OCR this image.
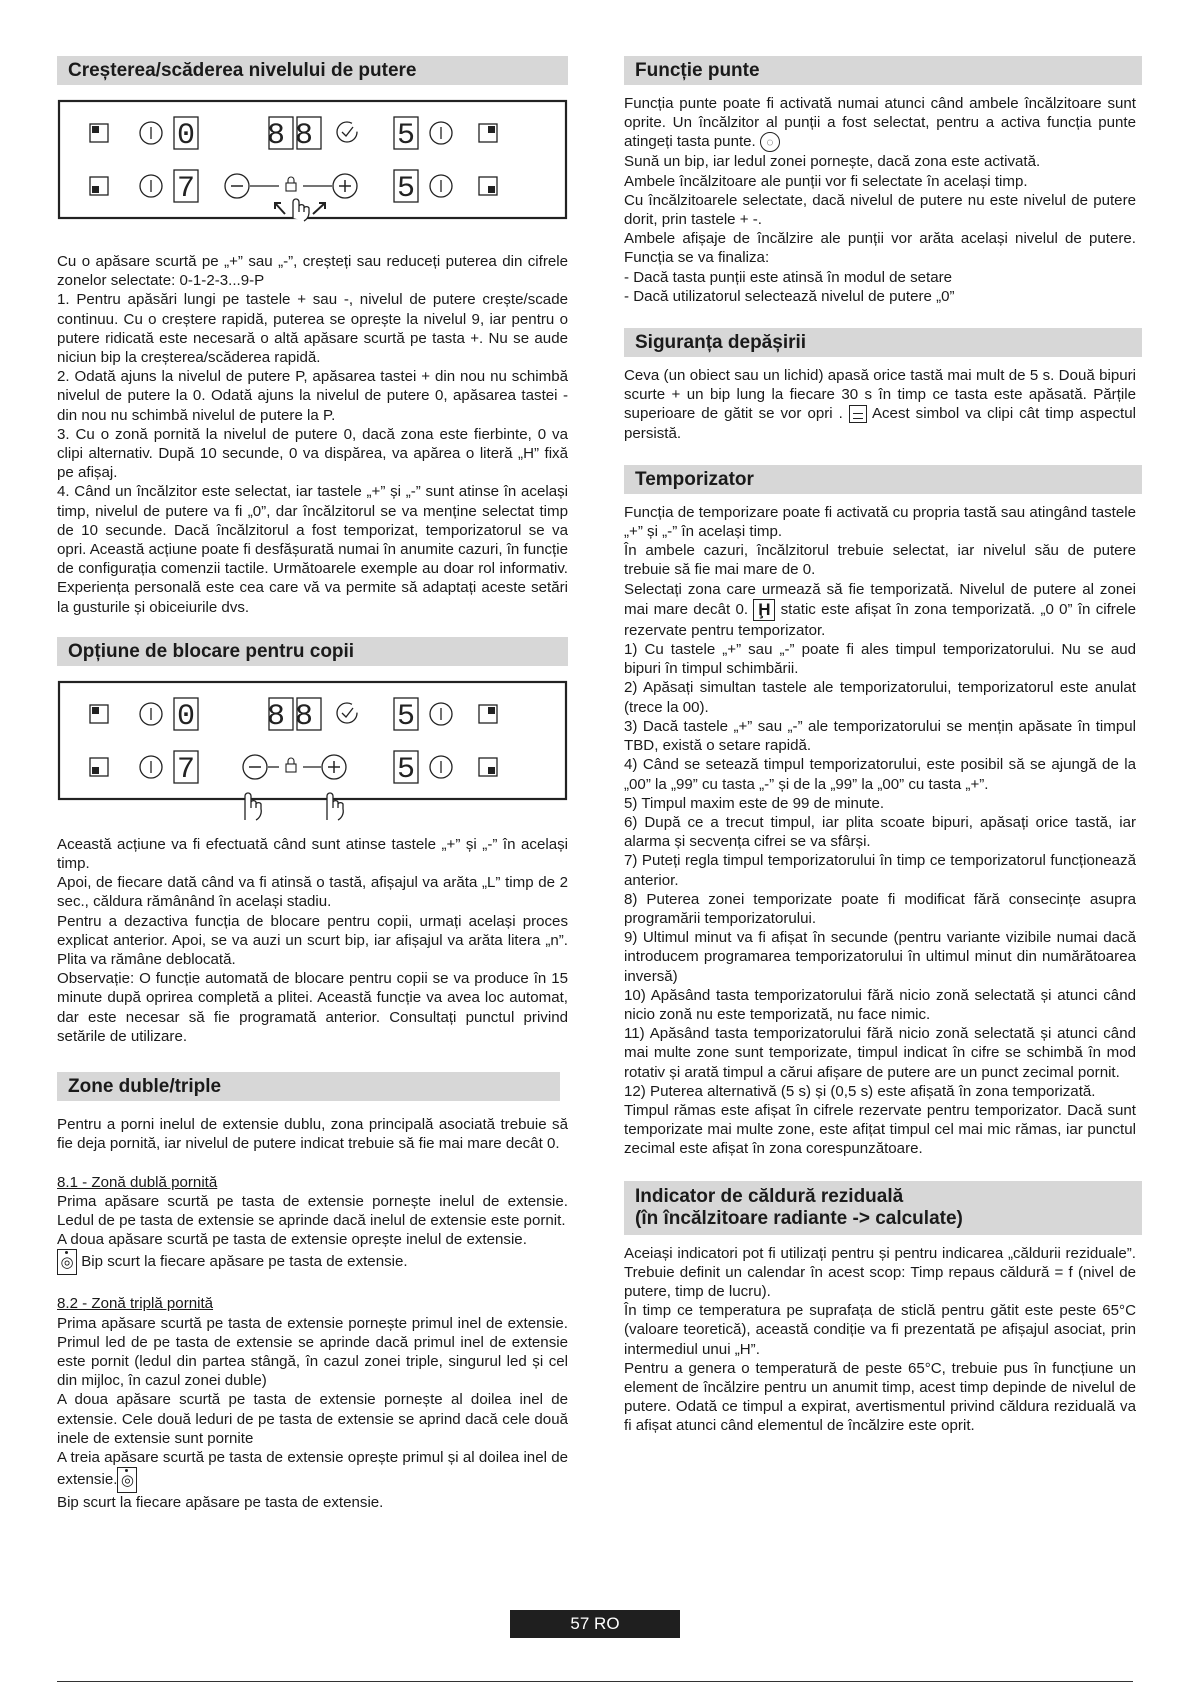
Creșterea/scăderea nivelului de putere
0 88 5
7	5

Cu o apăsare scurtă pe „+” sau „-”, creșteți sau reduceți puterea din cifrele zonelor selectate: 0-1-2-3...9-P

1. Pentru apăsări lungi pe tastele + sau -, nivelul de putere crește/scade continuu. Cu o creștere rapidă, puterea se oprește la nivelul 9, iar pentru o putere ridicată este necesară o altă apăsare scurtă pe tasta +. Nu se aude niciun bip la creșterea/scăderea rapidă.

2. Odată ajuns la nivelul de putere P, apăsarea tastei + din nou nu schimbă nivelul de putere la 0. Odată ajuns la nivelul de putere 0, apăsarea tastei - din nou nu schimbă nivelul de putere la P.

3. Cu o zonă pornită la nivelul de putere 0, dacă zona este fierbinte, 0 va clipi alternativ. După 10 secunde, 0 va dispărea, va apărea o literă „H” fixă pe afișaj.

4. Când un încălzitor este selectat, iar tastele „+” și „-” sunt atinse în același timp, nivelul de putere va fi „0”, dar încălzitorul se va menține selectat timp de 10 secunde. Dacă încălzitorul a fost temporizat, temporizatorul se va opri. Această acțiune poate fi desfășurată numai în anumite cazuri, în funcție de configurația comenzii tactile. Următoarele exemple au doar rol informativ. Experiența personală este cea care vă va permite să adaptați aceste setări la gusturile și obiceiurile dvs.

Opțiune de blocare pentru copii
0 88 5
7	5

Această acțiune va fi efectuată când sunt atinse tastele „+” și „-” în același timp.

Apoi, de fiecare dată când va fi atinsă o tastă, afișajul va arăta „L” timp de 2 sec., căldura rămânând în același stadiu.

Pentru a dezactiva funcția de blocare pentru copii, urmați același proces explicat anterior. Apoi, se va auzi un scurt bip, iar afișajul va arăta litera „n”. Plita va rămâne deblocată.

Observație: O funcție automată de blocare pentru copii se va produce în 15 minute după oprirea completă a plitei. Această funcție va avea loc automat, dar este necesar să fie programată anterior. Consultați punctul privind setările de utilizare.

Zone duble/triple

Pentru a porni inelul de extensie dublu, zona principală asociată trebuie să fie deja pornită, iar nivelul de putere indicat trebuie să fie mai mare decât 0.

8.1 - Zonă dublă pornită

Prima apăsare scurtă pe tasta de extensie pornește inelul de extensie. Ledul de pe tasta de extensie se aprinde dacă inelul de extensie este pornit.

A doua apăsare scurtă pe tasta de extensie oprește inelul de extensie.

◎ Bip scurt la fiecare apăsare pe tasta de extensie.

8.2 - Zonă triplă pornită

Prima apăsare scurtă pe tasta de extensie pornește primul inel de extensie. Primul led de pe tasta de extensie se aprinde dacă primul inel de extensie este pornit (ledul din partea stângă, în cazul zonei triple, singurul led și cel din mijloc, în cazul zonei duble)

A doua apăsare scurtă pe tasta de extensie pornește al doilea inel de extensie. Cele două leduri de pe tasta de extensie se aprind dacă cele două inele de extensie sunt pornite

A treia apăsare scurtă pe tasta de extensie oprește primul și al doilea inel de extensie. ◎

Bip scurt la fiecare apăsare pe tasta de extensie.

Funcție punte

Funcția punte poate fi activată numai atunci când ambele încălzitoare sunt oprite. Un încălzitor al punții a fost selectat, pentru a activa funcția punte atingeți tasta punte. ◌

Sună un bip, iar ledul zonei pornește, dacă zona este activată.

Ambele încălzitoare ale punții vor fi selectate în același timp.

Cu încălzitoarele selectate, dacă nivelul de putere nu este nivelul de putere dorit, prin tastele + -.

Ambele afișaje de încălzire ale punții vor arăta același nivelul de putere. Funcția se va finaliza:

- Dacă tasta punții este atinsă în modul de setare

- Dacă utilizatorul selectează nivelul de putere „0”

Siguranța depășirii

Ceva (un obiect sau un lichid) apasă orice tastă mai mult de 5 s. Două bipuri scurte + un bip lung la fiecare 30 s în timp ce tasta este apăsată. Părțile superioare de gătit se vor opri . Acest simbol va clipi cât timp aspectul persistă.

Temporizator

Funcția de temporizare poate fi activată cu propria tastă sau atingând tastele „+” și „-” în același timp.

În ambele cazuri, încălzitorul trebuie selectat, iar nivelul său de putere trebuie să fie mai mare de 0.

Selectați zona care urmează să fie temporizată. Nivelul de putere al zonei mai mare decât 0. Ḩ static este afișat în zona temporizată. „0 0” în cifrele rezervate pentru temporizator.

1) Cu tastele „+” sau „-” poate fi ales timpul temporizatorului. Nu se aud bipuri în timpul schimbării.

2) Apăsați simultan tastele ale temporizatorului, temporizatorul este anulat (trece la 00).

3) Dacă tastele „+” sau „-” ale temporizatorului se mențin apăsate în timpul TBD, există o setare rapidă.

4) Când se setează timpul temporizatorului, este posibil să se ajungă de la „00” la „99” cu tasta „-” și de la „99” la „00” cu tasta „+”.

5) Timpul maxim este de 99 de minute.

6) După ce a trecut timpul, iar plita scoate bipuri, apăsați orice tastă, iar alarma și secvența cifrei se va sfârși.

7) Puteți regla timpul temporizatorului în timp ce temporizatorul funcționează anterior.

8) Puterea zonei temporizate poate fi modificat fără consecințe asupra programării temporizatorului.

9) Ultimul minut va fi afișat în secunde (pentru variante vizibile numai dacă introducem programarea temporizatorului în ultimul minut din numărătoarea inversă)

10) Apăsând tasta temporizatorului fără nicio zonă selectată și atunci când nicio zonă nu este temporizată, nu face nimic.

11) Apăsând tasta temporizatorului fără nicio zonă selectată și atunci când mai multe zone sunt temporizate, timpul indicat în cifre se schimbă în mod rotativ și arată timpul a cărui afișare de putere are un punct zecimal pornit.

12) Puterea alternativă (5 s) și (0,5 s) este afișată în zona temporizată.

Timpul rămas este afișat în cifrele rezervate pentru temporizator. Dacă sunt temporizate mai multe zone, este afițat timpul cel mai mic rămas, iar punctul zecimal este afișat în zona corespunzătoare.

Indicator de căldură reziduală
(în încălzitoare radiante -> calculate)

Aceiași indicatori pot fi utilizați pentru și pentru indicarea „căldurii reziduale”. Trebuie definit un calendar în acest scop: Timp repaus căldură = f (nivel de putere, timp de lucru).

În timp ce temperatura pe suprafața de sticlă pentru gătit este peste 65°C (valoare teoretică), această condiție va fi prezentată pe afișajul asociat, prin intermediul unui „H”.

Pentru a genera o temperatură de peste 65°C, trebuie pus în funcțiune un element de încălzire pentru un anumit timp, acest timp depinde de nivelul de putere. Odată ce timpul a expirat, avertismentul privind căldura reziduală va fi afișat atunci când elementul de încălzire este oprit.

57 RO
